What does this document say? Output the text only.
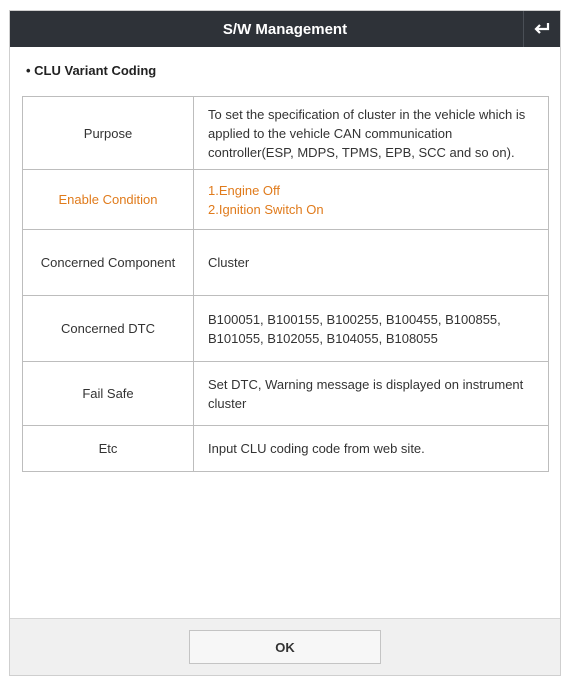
S/W Management
• CLU Variant Coding
Purpose	To set the specification of cluster in the vehicle which is applied to the vehicle CAN communication controller(ESP, MDPS, TPMS, EPB, SCC and so on).
Enable Condition	1.Engine Off
2.Ignition Switch On

Concerned Component	Cluster
Concerned DTC	B100051, B100155, B100255, B100455, B100855, B101055, B102055, B104055, B108055
Fail Safe	Set DTC, Warning message is displayed on instrument cluster
Etc	Input CLU coding code from web site.
OK
